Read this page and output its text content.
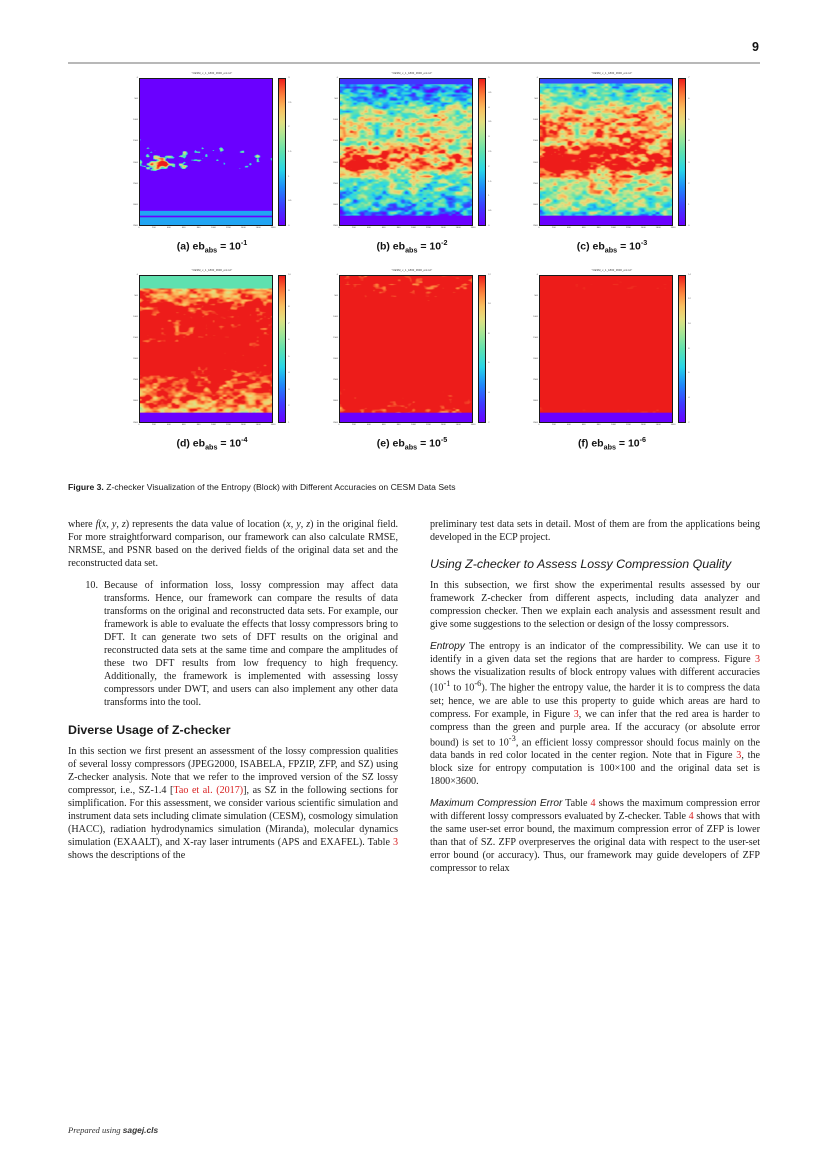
9
"CESM_x_1_1800_3600_ent.txt"
0
500
1000
1500
2000
2500
3000
3500
3
2.5
2
1.5
1
0.5
0
0	200	400	600	800	1000	1200	1400	1600	1800
(a) $eb_{abs} = 10^{-1}$
"CESM_x_1_1800_3600_ent.txt"
0
500
1000
1500
2000
2500
3000
3500
5
4.5
4
3.5
3
2.5
2
1.5
1
0.5
0
0	200	400	600	800	1000	1200	1400	1600	1800
(b) $eb_{abs} = 10^{-2}$
"CESM_x_1_1800_3600_ent.txt"
0
500
1000
1500
2000
2500
3000
3500
7
6
5
4
3
2
1
0
0	200	400	600	800	1000	1200	1400	1600	1800
(c) $eb_{abs} = 10^{-3}$
"CESM_x_1_1800_3600_ent.txt"
0
500
1000
1500
2000
2500
3000
3500
10
9
8
7
6
5
4
3
2
1
0	200	400	600	800	1000	1200	1400	1600	1800
(d) $eb_{abs} = 10^{-4}$
"CESM_x_1_1800_3600_ent.txt"
0
500
1000
1500
2000
2500
3000
3500
12
10
8
6
4
2
0	200	400	600	800	1000	1200	1400	1600	1800
(e) $eb_{abs} = 10^{-5}$
"CESM_x_1_1800_3600_ent.txt"
0
500
1000
1500
2000
2500
3000
3500
14
12
10
8
6
4
2
0	200	400	600	800	1000	1200	1400	1600	1800
(f) $eb_{abs} = 10^{-6}$
Figure 3. Z-checker Visualization of the Entropy (Block) with Different Accuracies on CESM Data Sets

where f(x, y, z) represents the data value of location (x, y, z) in the original field. For more straightforward comparison, our framework can also calculate RMSE, NRMSE, and PSNR based on the derived fields of the original data set and the reconstructed data set.

10. Because of information loss, lossy compression may affect data transforms. Hence, our framework can compare the results of data transforms on the original and reconstructed data sets. For example, our framework is able to evaluate the effects that lossy compressors bring to DFT. It can generate two sets of DFT results on the original and reconstructed data sets at the same time and compare the amplitudes of these two DFT results from low frequency to high frequency. Additionally, the framework is implemented with assessing lossy compressors under DWT, and users can also implement any other data transforms into the tool.

Diverse Usage of Z-checker

In this section we first present an assessment of the lossy compression qualities of several lossy compressors (JPEG2000, ISABELA, FPZIP, ZFP, and SZ) using Z-checker analysis. Note that we refer to the improved version of the SZ lossy compressor, i.e., SZ-1.4 [Tao et al. (2017)], as SZ in the following sections for simplification. For this assessment, we consider various scientific simulation and instrument data sets including climate simulation (CESM), cosmology simulation (HACC), radiation hydrodynamics simulation (Miranda), molecular dynamics simulation (EXAALT), and X-ray laser intruments (APS and EXAFEL). Table 3 shows the descriptions of the

preliminary test data sets in detail. Most of them are from the applications being developed in the ECP project.

Using Z-checker to Assess Lossy Compression Quality

In this subsection, we first show the experimental results assessed by our framework Z-checker from different aspects, including data analyzer and compression checker. Then we explain each analysis and assessment result and give some suggestions to the selection or design of the lossy compressors.

Entropy The entropy is an indicator of the compressibility. We can use it to identify in a given data set the regions that are harder to compress. Figure 3 shows the visualization results of block entropy values with different accuracies ($10^{-1}$ to $10^{-6}$). The higher the entropy value, the harder it is to compress the data set; hence, we are able to use this property to guide which areas are hard to compress. For example, in Figure 3, we can infer that the red area is harder to compress than the green and purple area. If the accuracy (or absolute error bound) is set to $10^{-3}$, an efficient lossy compressor should focus mainly on the data bands in red color located in the center region. Note that in Figure 3, the block size for entropy computation is 100×100 and the original data set is 1800×3600.

Maximum Compression Error Table 4 shows the maximum compression error with different lossy compressors evaluated by Z-checker. Table 4 shows that with the same user-set error bound, the maximum compression error of ZFP is lower than that of SZ. ZFP overpreserves the original data with respect to the user-set error bound (or accuracy). Thus, our framework may guide developers of ZFP compressor to relax

Prepared using sagej.cls
